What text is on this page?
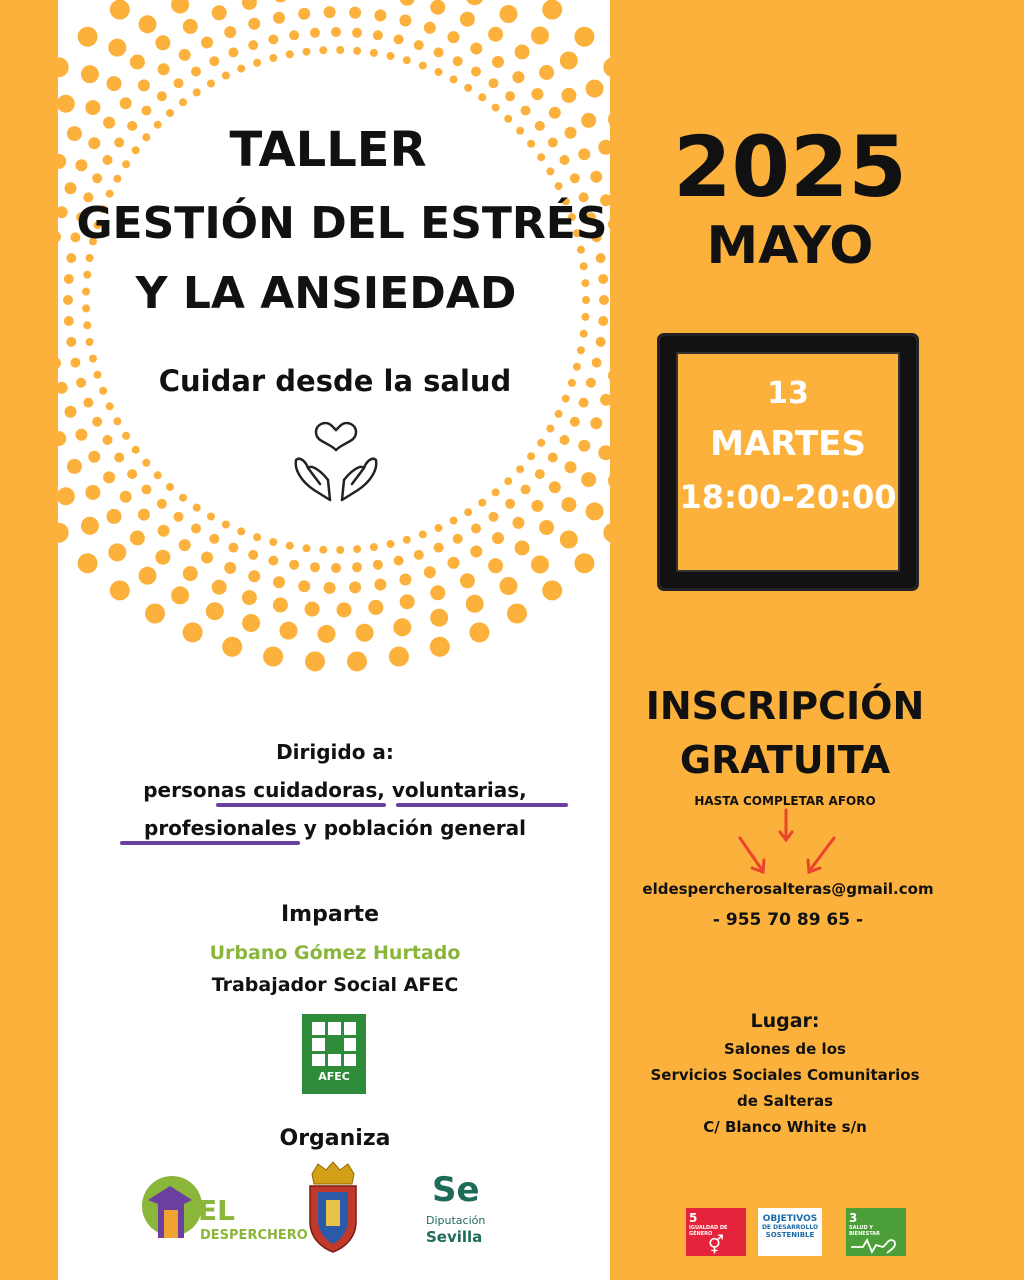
TALLER
GESTIÓN DEL ESTRÉS
Y LA ANSIEDAD
Cuidar desde la salud
2025
MAYO
13
MARTES
18:00-20:00
INSCRIPCIÓN
GRATUITA
HASTA COMPLETAR AFORO
eldespercherosalteras@gmail.com
- 955 70 89 65 -
Lugar:
Salones de los
Servicios Sociales Comunitarios
de Salteras
C/ Blanco White s/n
5
IGUALDAD DE GÉNERO
⚥
OBJETIVOS
DE DESARROLLO
SOSTENIBLE
3
SALUD Y BIENESTAR
Dirigido a:
personas cuidadoras, voluntarias,
profesionales y población general
Imparte
Urbano Gómez Hurtado
Trabajador Social AFEC
AFEC
Organiza
EL
DESPERCHERO
Se
Diputación
Sevilla
